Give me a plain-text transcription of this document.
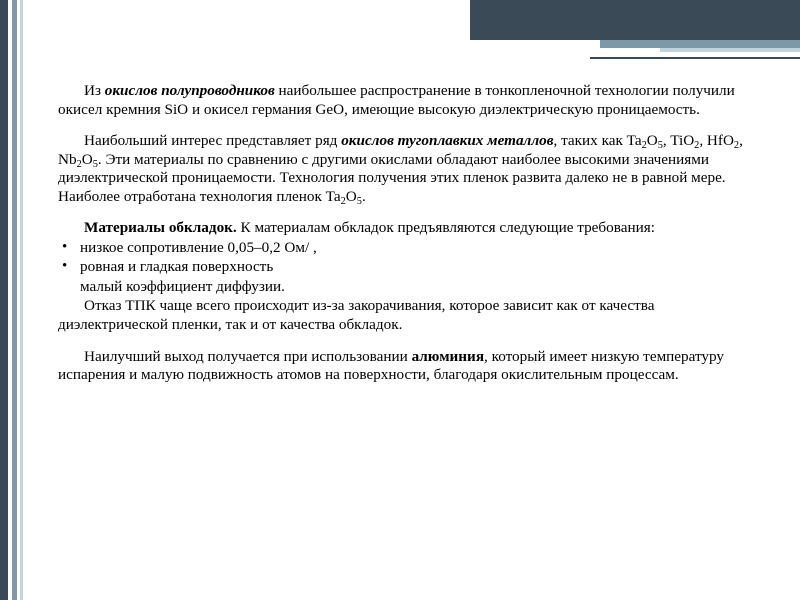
Из окислов полупроводников наибольшее распространение в тонкопленочной технологии получили окисел кремния SiO и окисел германия GeO, имеющие высокую диэлектрическую проницаемость.

Наибольший интерес представляет ряд окислов тугоплавких металлов, таких как $Ta_2O_5$, TiO$_2$, HfO$_2$, $Nb_2O_5$. Эти материалы по сравнению с другими окислами обладают наиболее высокими значениями диэлектрической проницаемости. Технология получения этих пленок развита далеко не в равной мере. Наиболее отработана технология пленок $Ta_2O_5$.

Материалы обкладок. К материалам обкладок предъявляются следующие требования:

• низкое сопротивление 0,05–0,2 Ом/ ,
• ровная и гладкая поверхность
малый коэффициент диффузии.

Отказ ТПК чаще всего происходит из-за закорачивания, которое зависит как от качества диэлектрической пленки, так и от качества обкладок.

Наилучший выход получается при использовании алюминия, который имеет низкую температуру испарения и малую подвижность атомов на поверхности, благодаря окислительным процессам.
